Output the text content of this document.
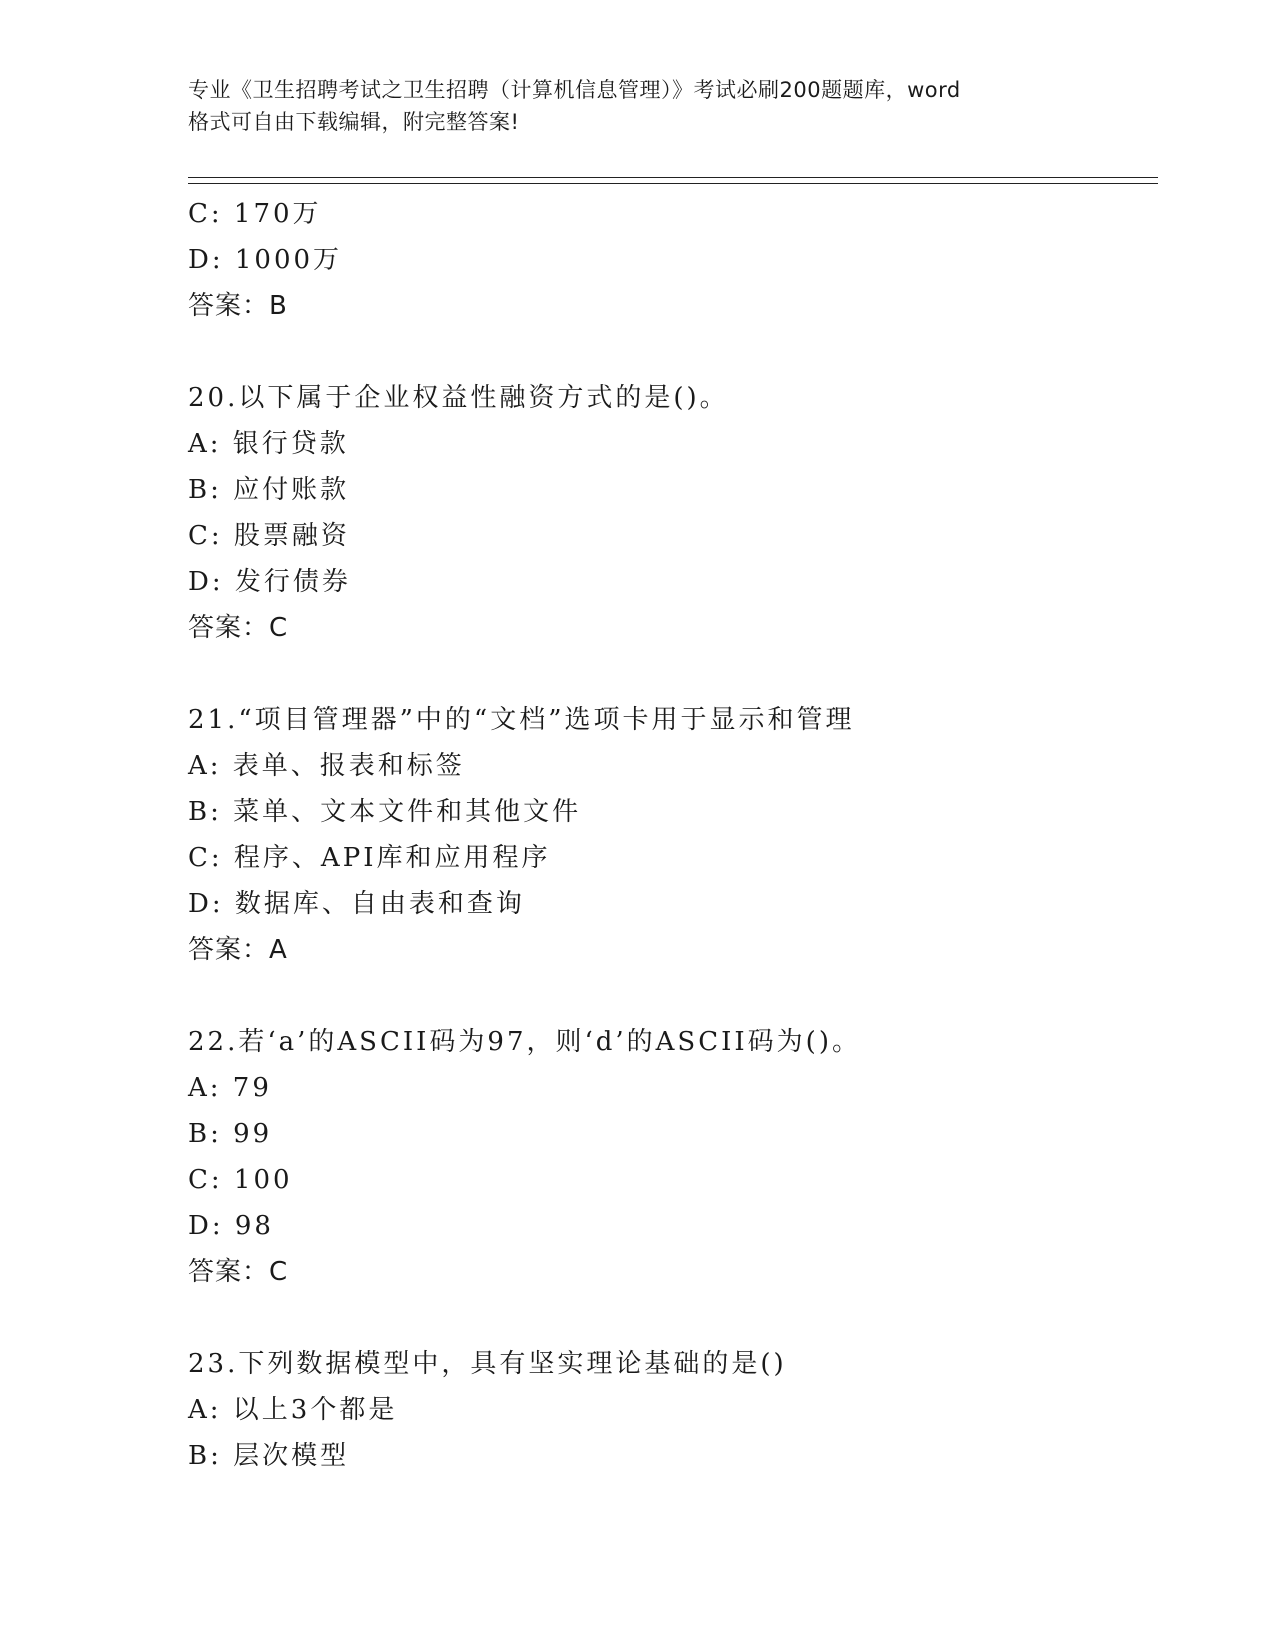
专业《卫生招聘考试之卫生招聘（计算机信息管理）》考试必刷200题题库，word
格式可自由下载编辑，附完整答案!
C: 170万
D: 1000万
答案：B
20.以下属于企业权益性融资方式的是()。
A: 银行贷款
B: 应付账款
C: 股票融资
D: 发行债券
答案：C
21.“项目管理器”中的“文档”选项卡用于显示和管理
A: 表单、报表和标签
B: 菜单、文本文件和其他文件
C: 程序、API库和应用程序
D: 数据库、自由表和查询
答案：A
22.若‘a’的ASCII码为97，则‘d’的ASCII码为()。
A: 79
B: 99
C: 100
D: 98
答案：C
23.下列数据模型中，具有坚实理论基础的是()
A: 以上3个都是
B: 层次模型
